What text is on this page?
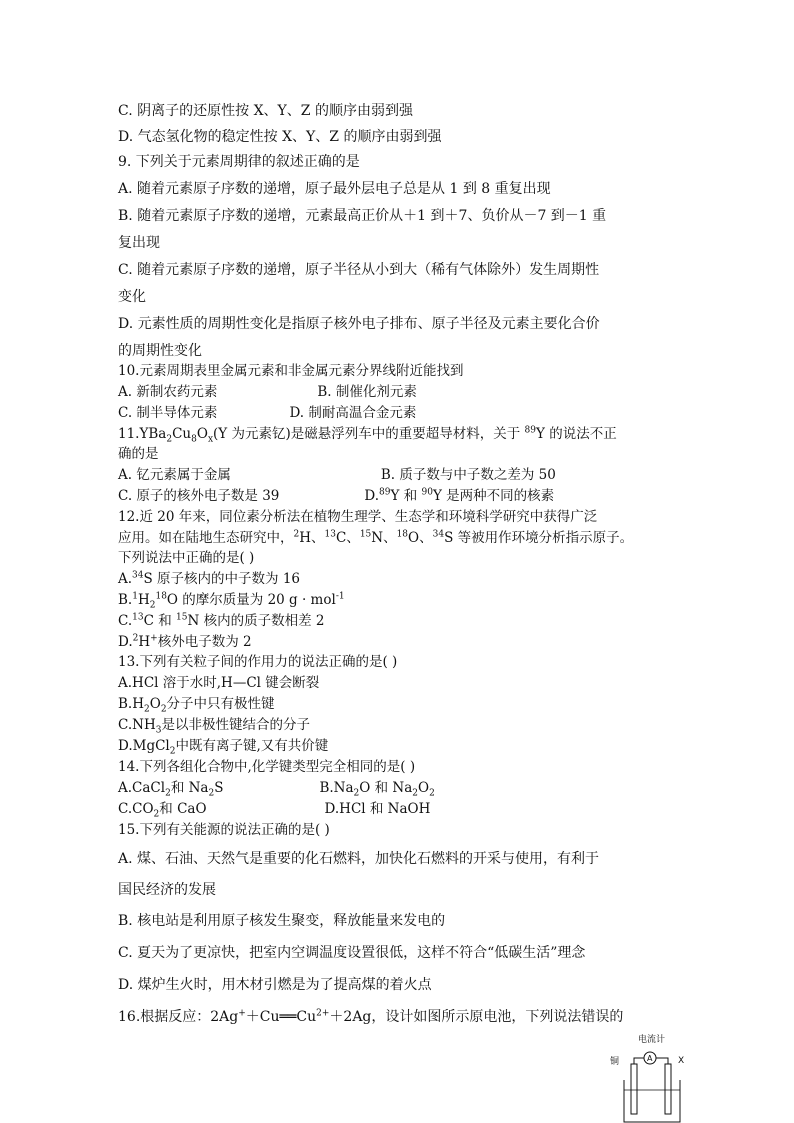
C. 阴离子的还原性按 X、Y、Z 的顺序由弱到强
D. 气态氢化物的稳定性按 X、Y、Z 的顺序由弱到强
9. 下列关于元素周期律的叙述正确的是
A. 随着元素原子序数的递增，原子最外层电子总是从 1 到 8 重复出现
B. 随着元素原子序数的递增，元素最高正价从＋1 到＋7、负价从－7 到－1 重
复出现
C. 随着元素原子序数的递增，原子半径从小到大（稀有气体除外）发生周期性
变化
D. 元素性质的周期性变化是指原子核外电子排布、原子半径及元素主要化合价
的周期性变化
10.元素周期表里金属元素和非金属元素分界线附近能找到
A. 新制农药元素	B. 制催化剂元素
C. 制半导体元素	D. 制耐高温合金元素
$11.YBa_2Cu_8O_x(Y$ 为元素钇)是磁悬浮列车中的重要超导材料，关于 $^{89}$Y 的说法不正
确的是
A. 钇元素属于金属	B. 质子数与中子数之差为 50
C. 原子的核外电子数是 39	D.$^{89}$Y 和 $^{90}$Y 是两种不同的核素
12.近 20 年来，同位素分析法在植物生理学、生态学和环境科学研究中获得广泛
应用。如在陆地生态研究中，$^2$H、$^{13}$C、$^{15}$N、$^{18}$O、$^{34}$S 等被用作环境分析指示原子。
下列说法中正确的是( )
A.$^{34}$S 原子核内的中子数为 16
$B.^1H_2^{18}O$ 的摩尔质量为 20 g · mol$^{-1}$
C.$^{13}$C 和 $^{15}$N 核内的质子数相差 2
D.$^2$H+核外电子数为 2
13.下列有关粒子间的作用力的说法正确的是( )
A.HCl 溶于水时,H—Cl 键会断裂
$B.H_2O_2$分子中只有极性键
$C.NH_3$是以非极性键结合的分子
D.MgCl$_2$中既有离子键,又有共价键
14.下列各组化合物中,化学键类型完全相同的是( )
A.CaCl$_2$和 $Na_2S$	$B.Na_2O$ 和 $Na_2O_2$
$C.CO_2$和 CaO	D.HCl 和 NaOH
15.下列有关能源的说法正确的是( )
A. 煤、石油、天然气是重要的化石燃料，加快化石燃料的开采与使用，有利于
国民经济的发展
B. 核电站是利用原子核发生聚变，释放能量来发电的
C. 夏天为了更凉快，把室内空调温度设置很低，这样不符合“低碳生活”理念
D. 煤炉生火时，用木材引燃是为了提高煤的着火点
16.根据反应：$2Ag^++Cu══Cu^{2+}+2Ag$，设计如图所示原电池，下列说法错误的
电流计
A
铜	X
